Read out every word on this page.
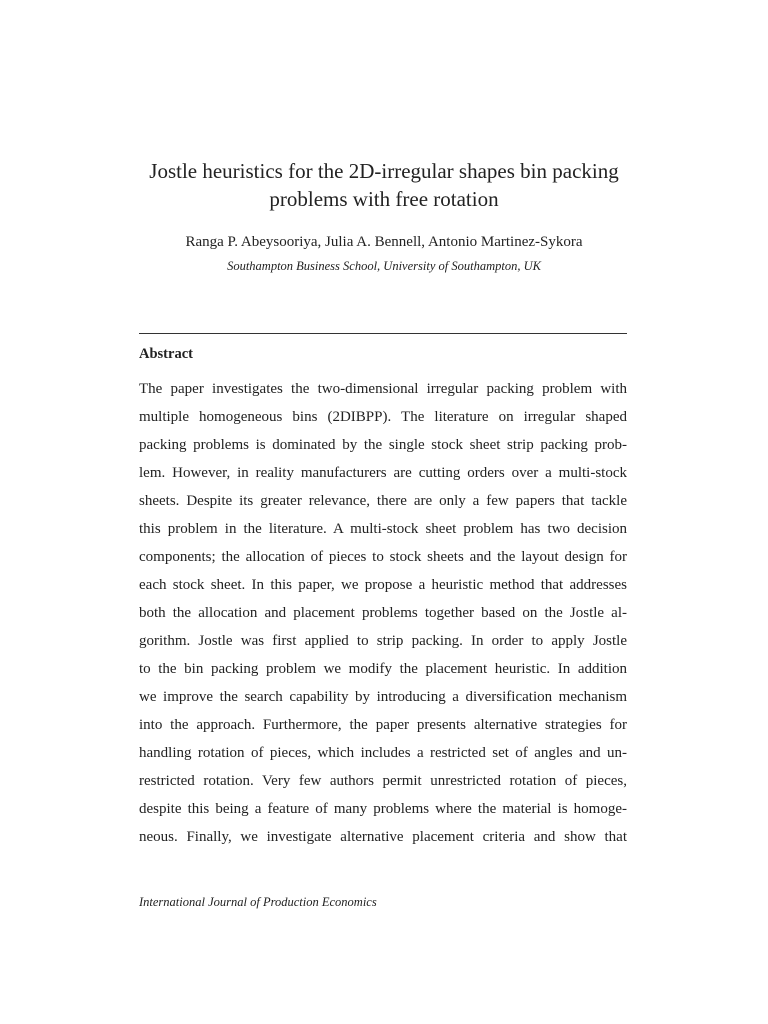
Jostle heuristics for the 2D-irregular shapes bin packing
problems with free rotation
Ranga P. Abeysooriya, Julia A. Bennell, Antonio Martinez-Sykora
Southampton Business School, University of Southampton, UK
Abstract
The paper investigates the two-dimensional irregular packing problem with
multiple homogeneous bins (2DIBPP). The literature on irregular shaped
packing problems is dominated by the single stock sheet strip packing prob-
lem. However, in reality manufacturers are cutting orders over a multi-stock
sheets. Despite its greater relevance, there are only a few papers that tackle
this problem in the literature. A multi-stock sheet problem has two decision
components; the allocation of pieces to stock sheets and the layout design for
each stock sheet. In this paper, we propose a heuristic method that addresses
both the allocation and placement problems together based on the Jostle al-
gorithm. Jostle was first applied to strip packing. In order to apply Jostle
to the bin packing problem we modify the placement heuristic. In addition
we improve the search capability by introducing a diversification mechanism
into the approach. Furthermore, the paper presents alternative strategies for
handling rotation of pieces, which includes a restricted set of angles and un-
restricted rotation. Very few authors permit unrestricted rotation of pieces,
despite this being a feature of many problems where the material is homoge-
neous. Finally, we investigate alternative placement criteria and show that
International Journal of Production Economics
